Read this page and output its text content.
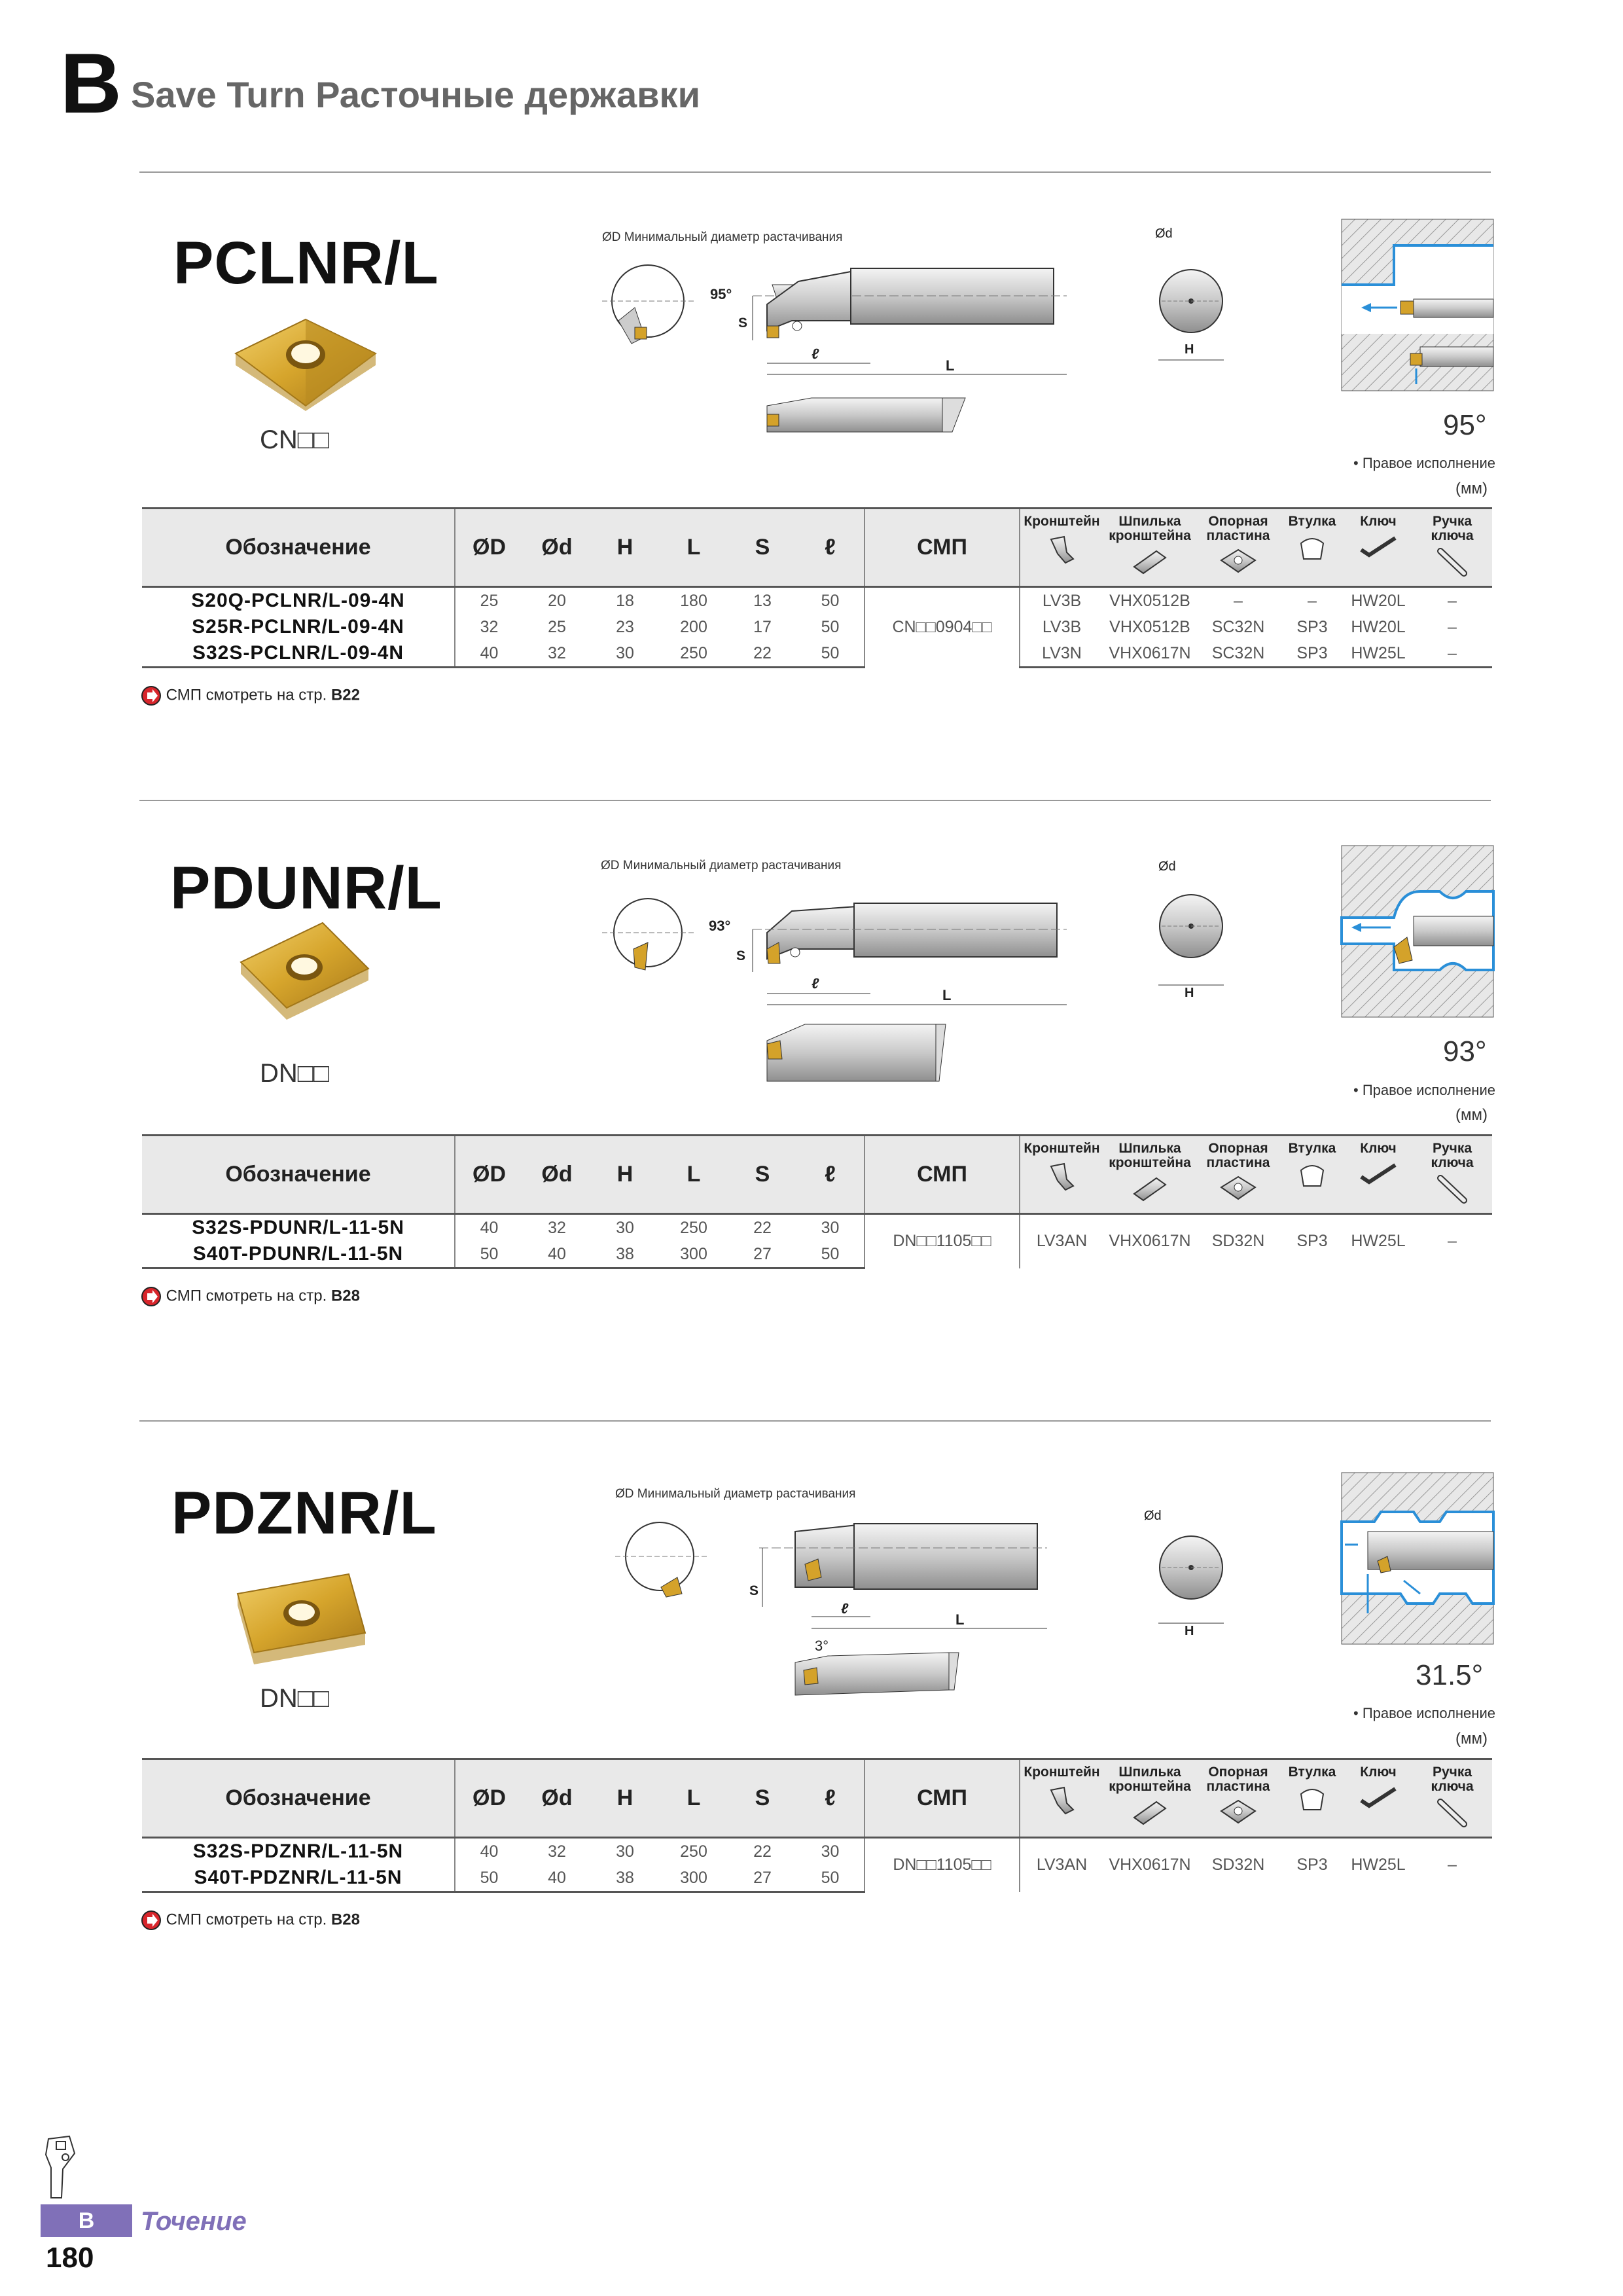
B Save Turn Расточные державки
PCLNR/L
CN□□
ØD Минимальный диаметр растачивания
95°
S
ℓ
L
Ød
H
95°
• Правое исполнение
(мм)
Обозначение	ØD	Ød	H	L	S	ℓ	СМП	Кронштейн	Шпилька кронштейна	Опорная пластина	Втулка	Ключ	Ручка ключа

S20Q-PCLNR/L-09-4N	25	20	18	180	13	50	CN□□0904□□	LV3B	VHX0512B	–	–	HW20L	–
S25R-PCLNR/L-09-4N	32	25	23	200	17	50		LV3B	VHX0512B	SC32N	SP3	HW20L	–
S32S-PCLNR/L-09-4N	40	32	30	250	22	50		LV3N	VHX0617N	SC32N	SP3	HW25L	–
СМП смотреть на стр. B22
PDUNR/L
DN□□
ØD Минимальный диаметр растачивания
93°
S
ℓ
L
Ød
H
93°
• Правое исполнение
(мм)
Обозначение	ØD	Ød	H	L	S	ℓ	СМП	Кронштейн	Шпилька кронштейна	Опорная пластина	Втулка	Ключ	Ручка ключа

S32S-PDUNR/L-11-5N	40	32	30	250	22	30	DN□□1105□□	LV3AN	VHX0617N	SD32N	SP3	HW25L	–
S40T-PDUNR/L-11-5N	50	40	38	300	27	50							
СМП смотреть на стр. B28
PDZNR/L
DN□□
ØD Минимальный диаметр растачивания
S
ℓ
L
3°
Ød
H
31.5°
• Правое исполнение
(мм)
Обозначение	ØD	Ød	H	L	S	ℓ	СМП	Кронштейн	Шпилька кронштейна	Опорная пластина	Втулка	Ключ	Ручка ключа

S32S-PDZNR/L-11-5N	40	32	30	250	22	30	DN□□1105□□	LV3AN	VHX0617N	SD32N	SP3	HW25L	–
S40T-PDZNR/L-11-5N	50	40	38	300	27	50							
СМП смотреть на стр. B28
B	Точение
180
